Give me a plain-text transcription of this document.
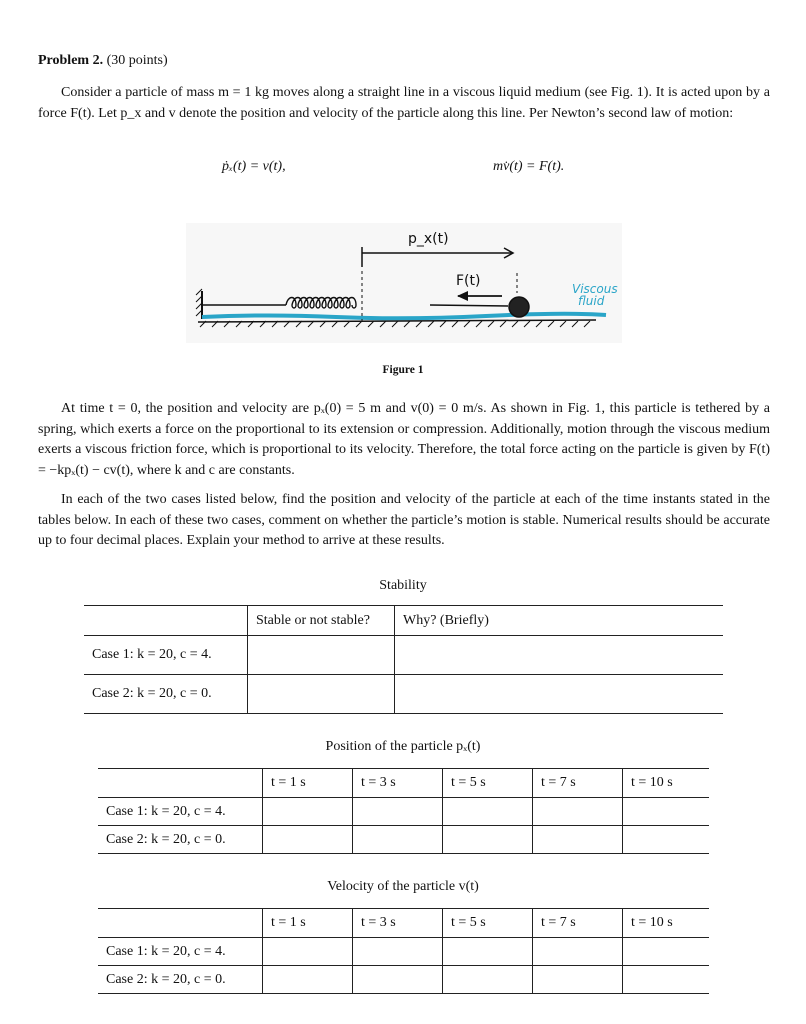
Problem 2. (30 points)
Consider a particle of mass m = 1 kg moves along a straight line in a viscous liquid medium (see Fig. 1). It is acted upon by a force F(t). Let p_x and v denote the position and velocity of the particle along this line. Per Newton’s second law of motion:
ṗₓ(t) = v(t),	mv̇(t) = F(t).
p_x(t)
F(t)	Viscous
fluid
Figure 1
At time t = 0, the position and velocity are pₓ(0) = 5 m and v(0) = 0 m/s. As shown in Fig. 1, this particle is tethered by a spring, which exerts a force on the proportional to its extension or compression. Additionally, motion through the viscous medium exerts a viscous friction force, which is proportional to its velocity. Therefore, the total force acting on the particle is given by F(t) = −kpₓ(t) − cv(t), where k and c are constants.
In each of the two cases listed below, find the position and velocity of the particle at each of the time instants stated in the tables below. In each of these two cases, comment on whether the particle’s motion is stable. Numerical results should be accurate up to four decimal places. Explain your method to arrive at these results.
Stability
	Stable or not stable?	Why? (Briefly)
Case 1: k = 20, c = 4.		
Case 2: k = 20, c = 0.		
Position of the particle pₓ(t)
	t = 1 s	t = 3 s	t = 5 s	t = 7 s	t = 10 s
Case 1: k = 20, c = 4.					
Case 2: k = 20, c = 0.					
Velocity of the particle v(t)
	t = 1 s	t = 3 s	t = 5 s	t = 7 s	t = 10 s
Case 1: k = 20, c = 4.					
Case 2: k = 20, c = 0.					
